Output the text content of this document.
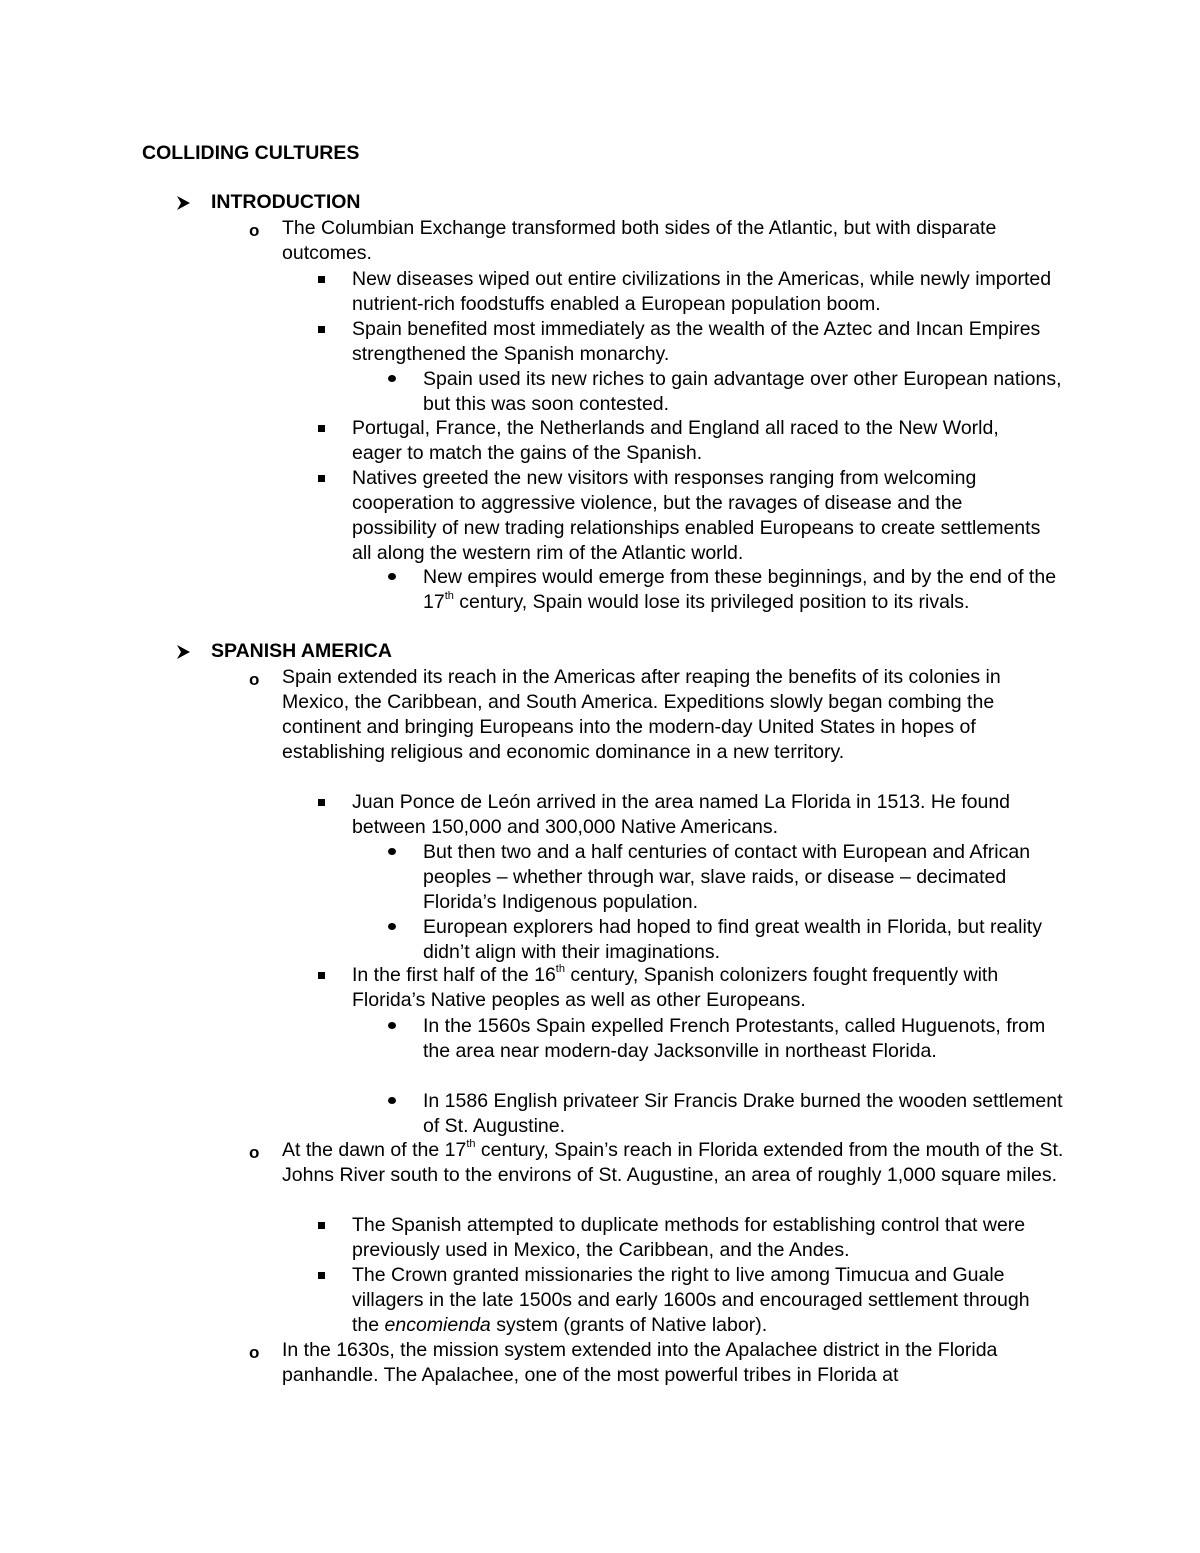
COLLIDING CULTURES
INTRODUCTION
o The Columbian Exchange transformed both sides of the Atlantic, but with disparate outcomes.
New diseases wiped out entire civilizations in the Americas, while newly imported nutrient-rich foodstuffs enabled a European population boom.
Spain benefited most immediately as the wealth of the Aztec and Incan Empires strengthened the Spanish monarchy.
Spain used its new riches to gain advantage over other European nations, but this was soon contested.
Portugal, France, the Netherlands and England all raced to the New World, eager to match the gains of the Spanish.
Natives greeted the new visitors with responses ranging from welcoming cooperation to aggressive violence, but the ravages of disease and the possibility of new trading relationships enabled Europeans to create settlements all along the western rim of the Atlantic world.
New empires would emerge from these beginnings, and by the end of the 17th century, Spain would lose its privileged position to its rivals.
SPANISH AMERICA
o Spain extended its reach in the Americas after reaping the benefits of its colonies in Mexico, the Caribbean, and South America. Expeditions slowly began combing the continent and bringing Europeans into the modern-day United States in hopes of establishing religious and economic dominance in a new territory.
Juan Ponce de León arrived in the area named La Florida in 1513. He found between 150,000 and 300,000 Native Americans.
But then two and a half centuries of contact with European and African peoples – whether through war, slave raids, or disease – decimated Florida’s Indigenous population.
European explorers had hoped to find great wealth in Florida, but reality didn’t align with their imaginations.
In the first half of the 16th century, Spanish colonizers fought frequently with Florida’s Native peoples as well as other Europeans.
In the 1560s Spain expelled French Protestants, called Huguenots, from the area near modern-day Jacksonville in northeast Florida.
In 1586 English privateer Sir Francis Drake burned the wooden settlement of St. Augustine.
o At the dawn of the 17th century, Spain’s reach in Florida extended from the mouth of the St. Johns River south to the environs of St. Augustine, an area of roughly 1,000 square miles.
The Spanish attempted to duplicate methods for establishing control that were previously used in Mexico, the Caribbean, and the Andes.
The Crown granted missionaries the right to live among Timucua and Guale villagers in the late 1500s and early 1600s and encouraged settlement through the encomienda system (grants of Native labor).
o In the 1630s, the mission system extended into the Apalachee district in the Florida panhandle. The Apalachee, one of the most powerful tribes in Florida at
